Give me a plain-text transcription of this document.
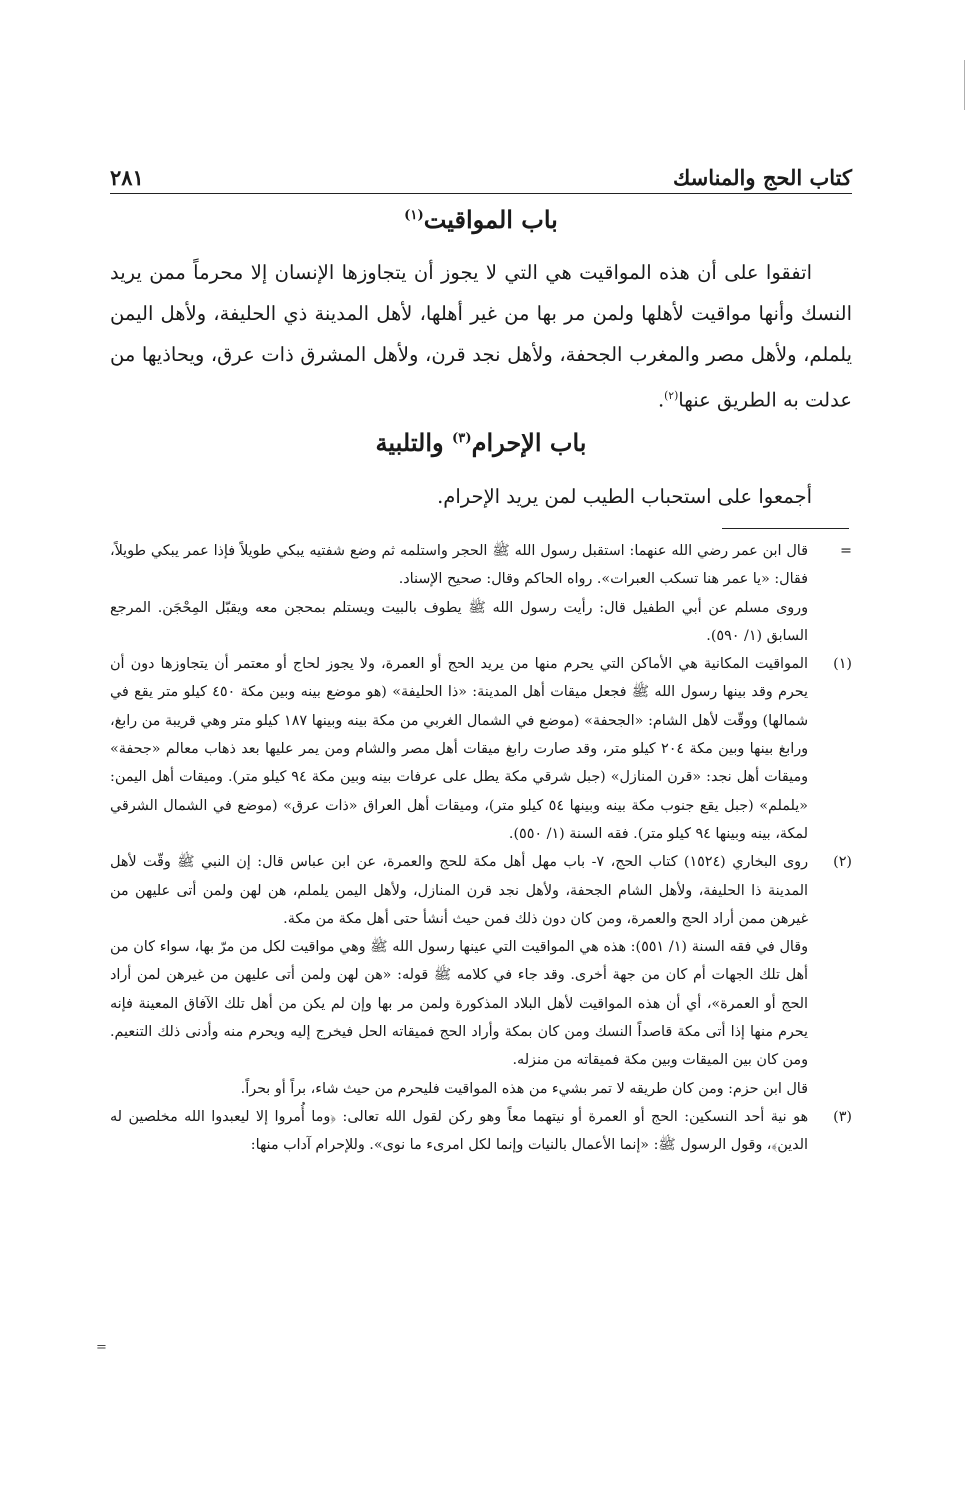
٢٨١	كتاب الحج والمناسك
باب المواقيت$^{(١)}$

اتفقوا على أن هذه المواقيت هي التي لا يجوز أن يتجاوزها الإنسان إلا محرماً ممن يريد النسك وأنها مواقيت لأهلها ولمن مر بها من غير أهلها، لأهل المدينة ذي الحليفة، ولأهل اليمن يلملم، ولأهل مصر والمغرب الجحفة، ولأهل نجد قرن، ولأهل المشرق ذات عرق، ويحاذيها من عدلت به الطريق عنها$^{(٢)}$.

باب الإحرام$^{(٣)}$ والتلبية

أجمعوا على استحباب الطيب لمن يريد الإحرام.

=

قال ابن عمر رضي الله عنهما: استقبل رسول الله ﷺ الحجر واستلمه ثم وضع شفتيه يبكي طويلاً فإذا عمر يبكي طويلاً، فقال: «يا عمر هنا تسكب العبرات». رواه الحاكم وقال: صحيح الإسناد.

وروى مسلم عن أبي الطفيل قال: رأيت رسول الله ﷺ يطوف بالبيت ويستلم بمحجن معه ويقبّل المِحْجَن. المرجع السابق (١/ ٥٩٠).

(١)

المواقيت المكانية هي الأماكن التي يحرم منها من يريد الحج أو العمرة، ولا يجوز لحاج أو معتمر أن يتجاوزها دون أن يحرم وقد بينها رسول الله ﷺ فجعل ميقات أهل المدينة: «ذا الحليفة» (هو موضع بينه وبين مكة ٤٥٠ كيلو متر يقع في شمالها) ووقّت لأهل الشام: «الجحفة» (موضع في الشمال الغربي من مكة بينه وبينها ١٨٧ كيلو متر وهي قريبة من رابغ، ورابغ بينها وبين مكة ٢٠٤ كيلو متر، وقد صارت رابغ ميقات أهل مصر والشام ومن يمر عليها بعد ذهاب معالم «جحفة» وميقات أهل نجد: «قرن المنازل» (جبل شرقي مكة يطل على عرفات بينه وبين مكة ٩٤ كيلو متر). وميقات أهل اليمن: «يلملم» (جبل يقع جنوب مكة بينه وبينها ٥٤ كيلو متر)، وميقات أهل العراق «ذات عرق» (موضع في الشمال الشرقي لمكة، بينه وبينها ٩٤ كيلو متر). فقه السنة (١/ ٥٥٠).

(٢)

روى البخاري (١٥٢٤) كتاب الحج، ٧- باب مهل أهل مكة للحج والعمرة، عن ابن عباس قال: إن النبي ﷺ وقّت لأهل المدينة ذا الحليفة، ولأهل الشام الجحفة، ولأهل نجد قرن المنازل، ولأهل اليمن يلملم، هن لهن ولمن أتى عليهن من غيرهن ممن أراد الحج والعمرة، ومن كان دون ذلك فمن حيث أنشأ حتى أهل مكة من مكة.

وقال في فقه السنة (١/ ٥٥١): هذه هي المواقيت التي عينها رسول الله ﷺ وهي مواقيت لكل من مرّ بها، سواء كان من أهل تلك الجهات أم كان من جهة أخرى. وقد جاء في كلامه ﷺ قوله: «هن لهن ولمن أتى عليهن من غيرهن لمن أراد الحج أو العمرة»، أي أن هذه المواقيت لأهل البلاد المذكورة ولمن مر بها وإن لم يكن من أهل تلك الآفاق المعينة فإنه يحرم منها إذا أتى مكة قاصداً النسك ومن كان بمكة وأراد الحج فميقاته الحل فيخرج إليه ويحرم منه وأدنى ذلك التنعيم. ومن كان بين الميقات وبين مكة فميقاته من منزله.

قال ابن حزم: ومن كان طريقه لا تمر بشيء من هذه المواقيت فليحرم من حيث شاء، براً أو بحراً.

(٣)

هو نية أحد النسكين: الحج أو العمرة أو نيتهما معاً وهو ركن لقول الله تعالى: ﴿وما أُمروا إلا ليعبدوا الله مخلصين له الدين﴾، وقول الرسول ﷺ: «إنما الأعمال بالنيات وإنما لكل امرىء ما نوى». وللإحرام آداب منها:

=
